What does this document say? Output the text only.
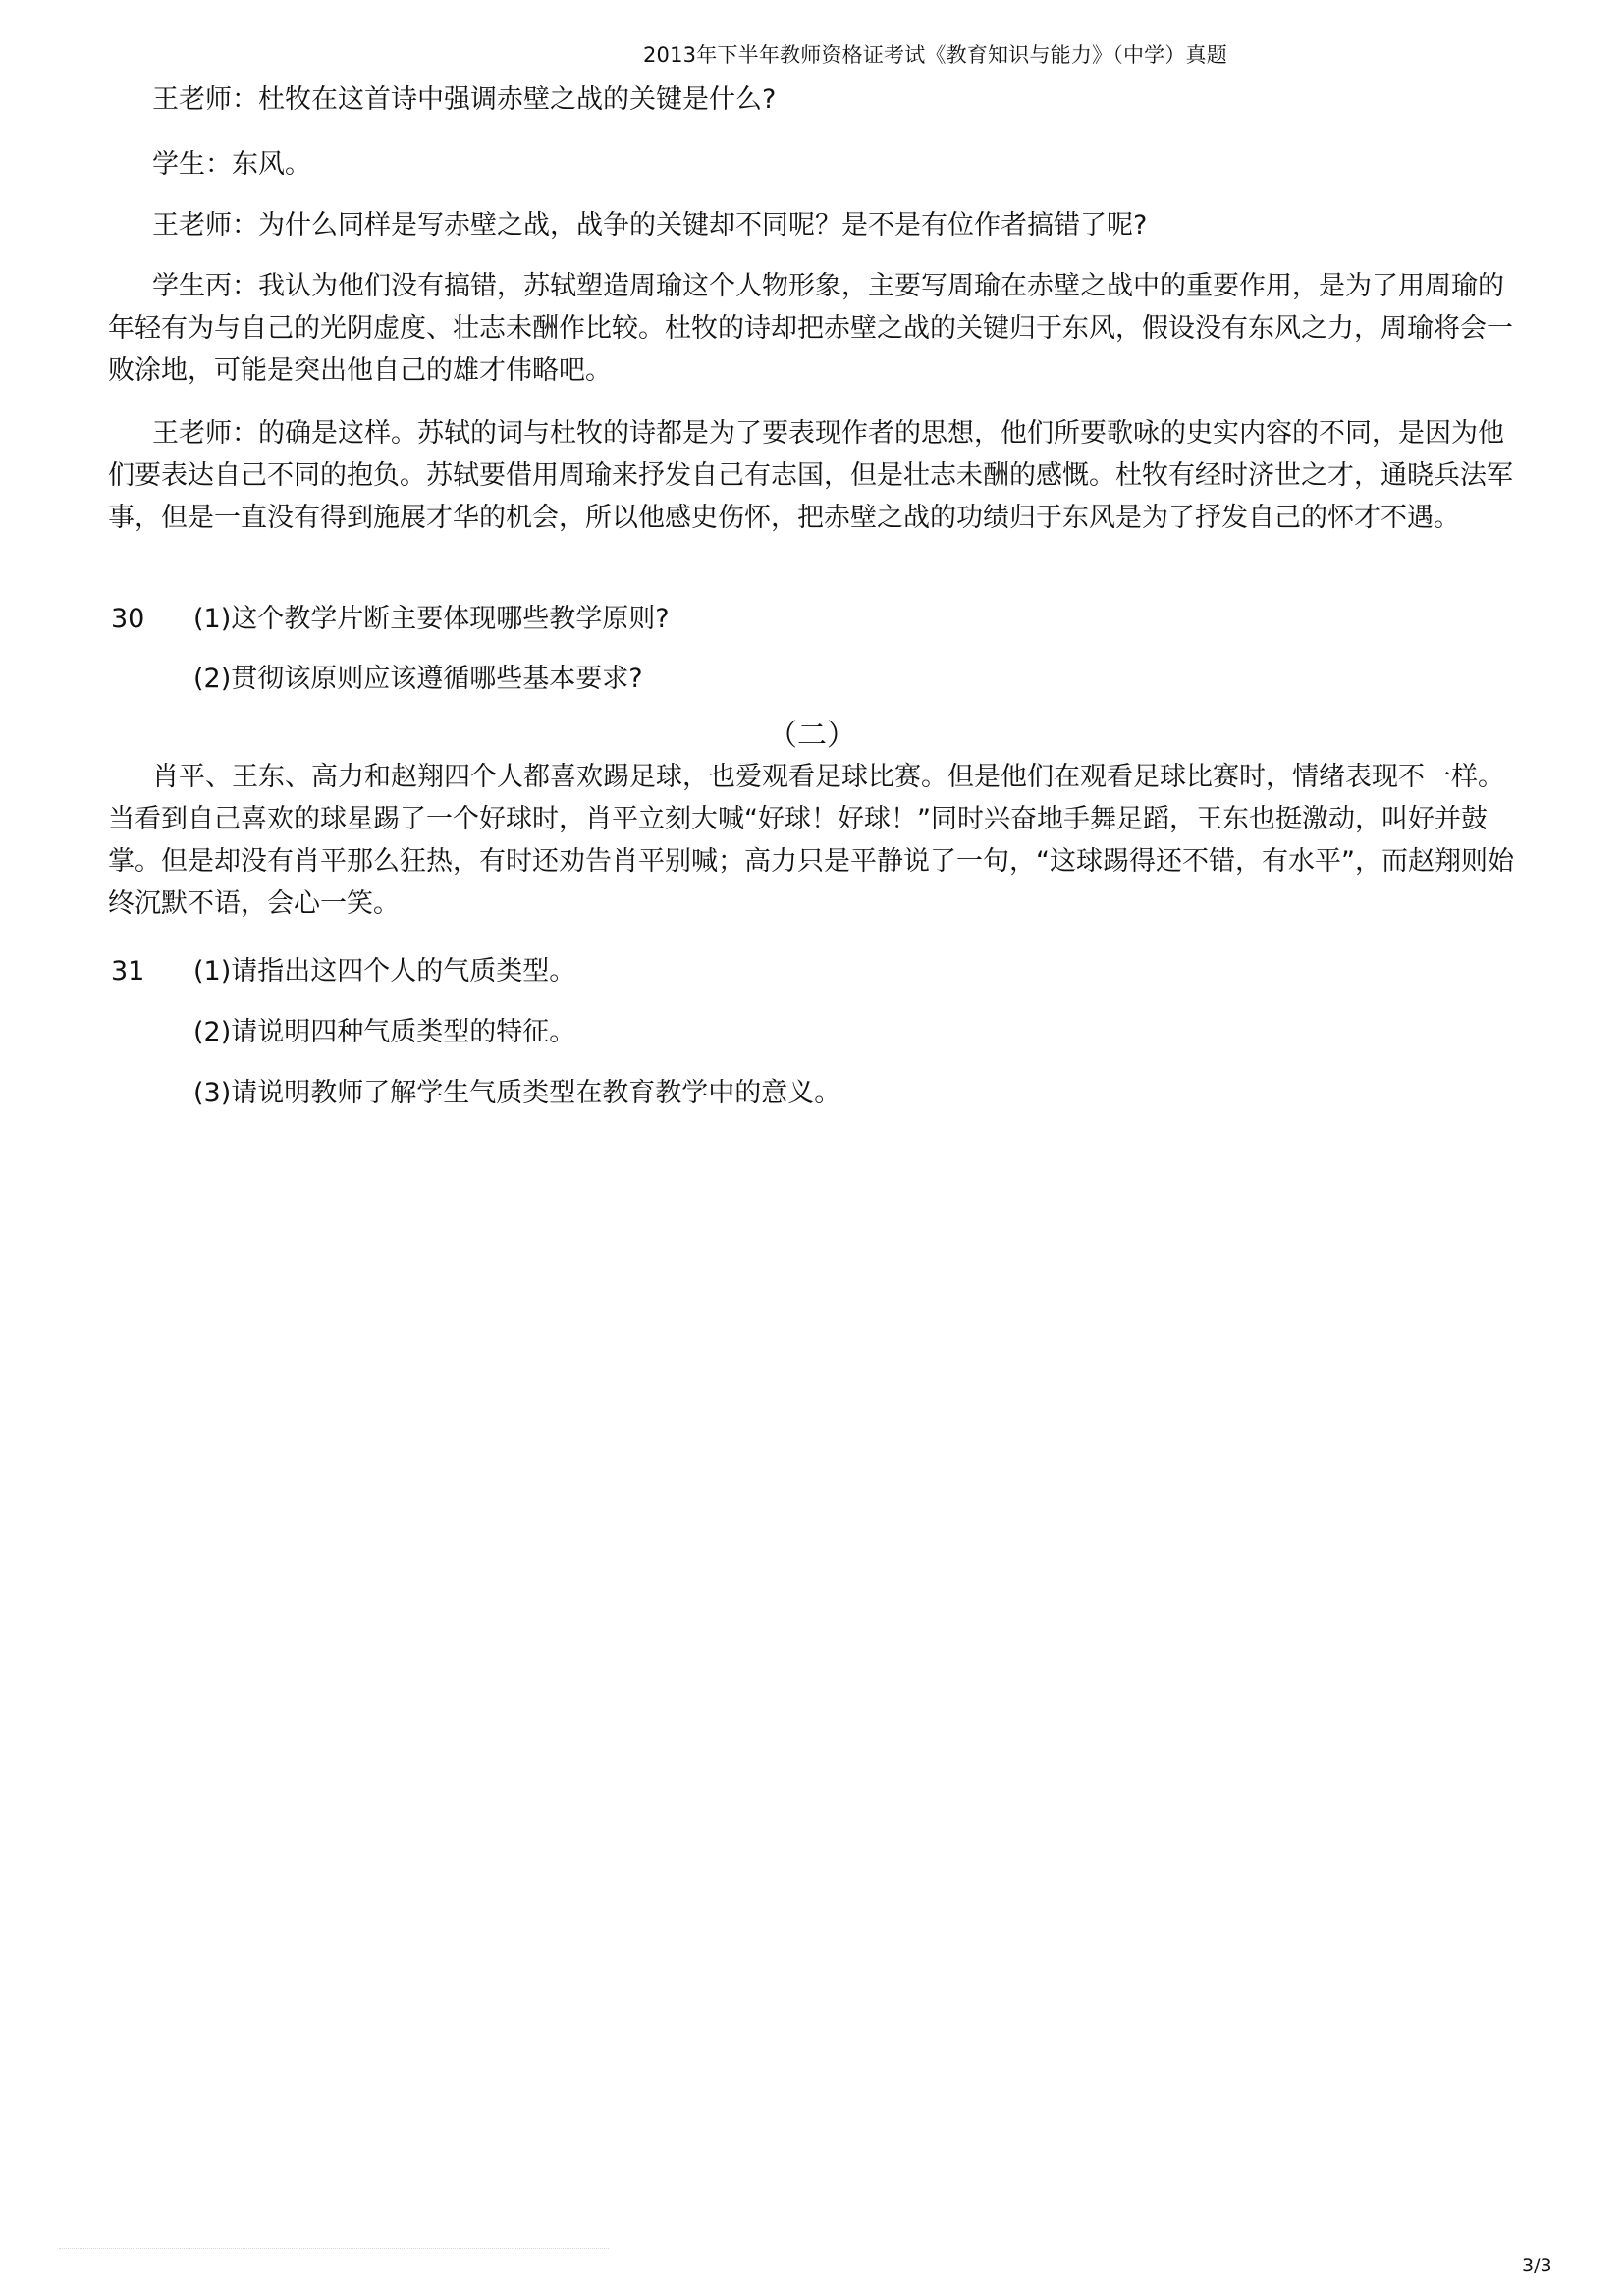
2013年下半年教师资格证考试《教育知识与能力》（中学）真题

王老师：杜牧在这首诗中强调赤壁之战的关键是什么?

学生：东风。

王老师：为什么同样是写赤壁之战，战争的关键却不同呢？是不是有位作者搞错了呢?

学生丙：我认为他们没有搞错，苏轼塑造周瑜这个人物形象，主要写周瑜在赤壁之战中的重要作用，是为了用周瑜的年轻有为与自己的光阴虚度、壮志未酬作比较。杜牧的诗却把赤壁之战的关键归于东风，假设没有东风之力，周瑜将会一败涂地，可能是突出他自己的雄才伟略吧。

王老师：的确是这样。苏轼的词与杜牧的诗都是为了要表现作者的思想，他们所要歌咏的史实内容的不同，是因为他们要表达自己不同的抱负。苏轼要借用周瑜来抒发自己有志国，但是壮志未酬的感慨。杜牧有经时济世之才，通晓兵法军事，但是一直没有得到施展才华的机会，所以他感史伤怀，把赤壁之战的功绩归于东风是为了抒发自己的怀才不遇。

30 (1)这个教学片断主要体现哪些教学原则?
(2)贯彻该原则应该遵循哪些基本要求?
（二）

肖平、王东、高力和赵翔四个人都喜欢踢足球，也爱观看足球比赛。但是他们在观看足球比赛时，情绪表现不一样。当看到自己喜欢的球星踢了一个好球时，肖平立刻大喊“好球！好球！”同时兴奋地手舞足蹈，王东也挺激动，叫好并鼓掌。但是却没有肖平那么狂热，有时还劝告肖平别喊；高力只是平静说了一句，“这球踢得还不错，有水平”，而赵翔则始终沉默不语，会心一笑。

31 (1)请指出这四个人的气质类型。
(2)请说明四种气质类型的特征。
(3)请说明教师了解学生气质类型在教育教学中的意义。
3/3
